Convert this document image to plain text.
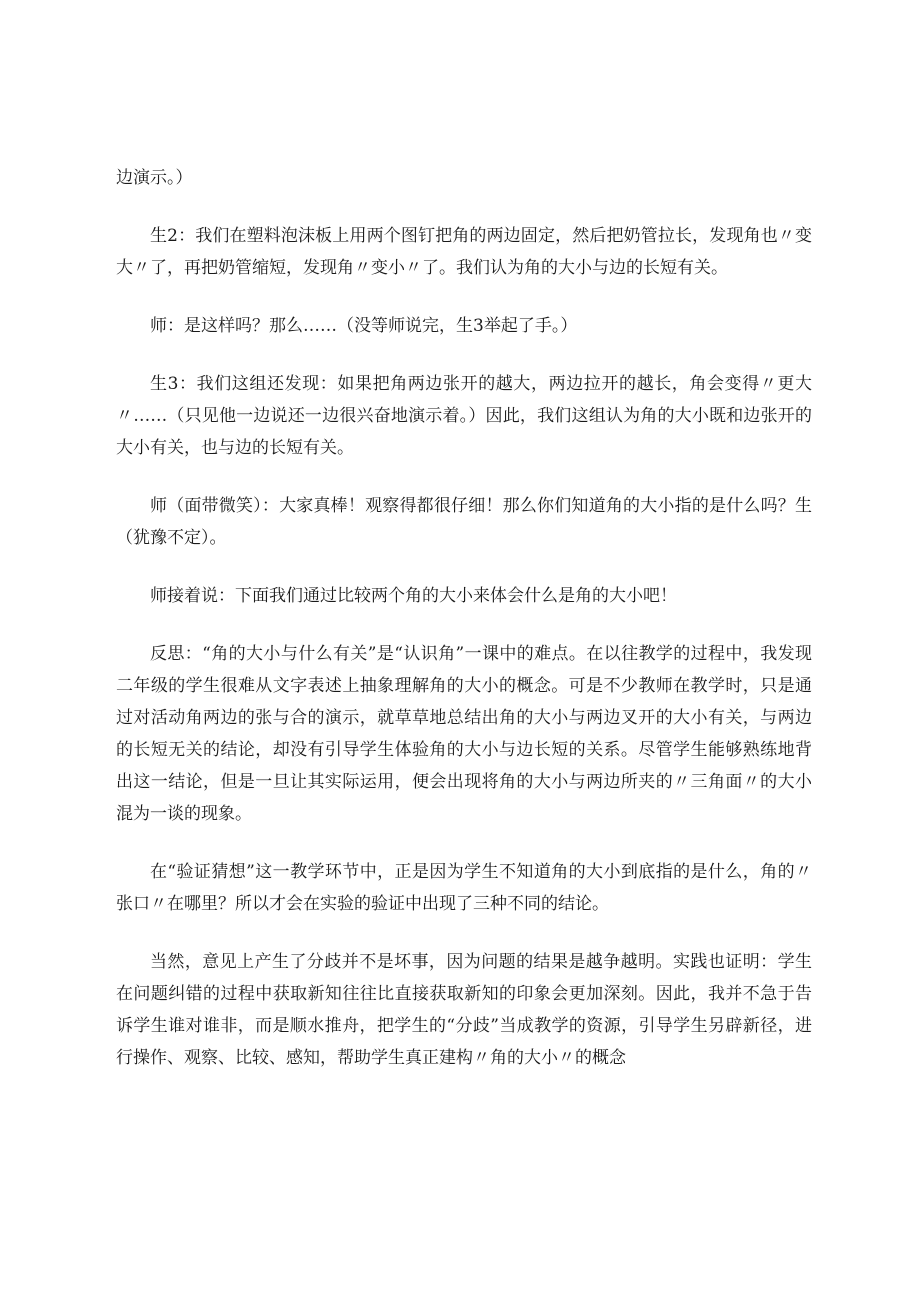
边演示。）

生2：我们在塑料泡沫板上用两个图钉把角的两边固定，然后把奶管拉长，发现角也〃变大〃了，再把奶管缩短，发现角〃变小〃了。我们认为角的大小与边的长短有关。

师：是这样吗？那么……（没等师说完，生3举起了手。）

生3：我们这组还发现：如果把角两边张开的越大，两边拉开的越长，角会变得〃更大〃……（只见他一边说还一边很兴奋地演示着。）因此，我们这组认为角的大小既和边张开的大小有关，也与边的长短有关。

师（面带微笑）：大家真棒！观察得都很仔细！那么你们知道角的大小指的是什么吗？生（犹豫不定）。

师接着说：下面我们通过比较两个角的大小来体会什么是角的大小吧！

反思：“角的大小与什么有关”是“认识角”一课中的难点。在以往教学的过程中，我发现二年级的学生很难从文字表述上抽象理解角的大小的概念。可是不少教师在教学时，只是通过对活动角两边的张与合的演示，就草草地总结出角的大小与两边叉开的大小有关，与两边的长短无关的结论，却没有引导学生体验角的大小与边长短的关系。尽管学生能够熟练地背出这一结论，但是一旦让其实际运用，便会出现将角的大小与两边所夹的〃三角面〃的大小混为一谈的现象。

在“验证猜想”这一教学环节中，正是因为学生不知道角的大小到底指的是什么，角的〃张口〃在哪里？所以才会在实验的验证中出现了三种不同的结论。

当然，意见上产生了分歧并不是坏事，因为问题的结果是越争越明。实践也证明：学生在问题纠错的过程中获取新知往往比直接获取新知的印象会更加深刻。因此，我并不急于告诉学生谁对谁非，而是顺水推舟，把学生的“分歧”当成教学的资源，引导学生另辟新径，进行操作、观察、比较、感知，帮助学生真正建构〃角的大小〃的概念
